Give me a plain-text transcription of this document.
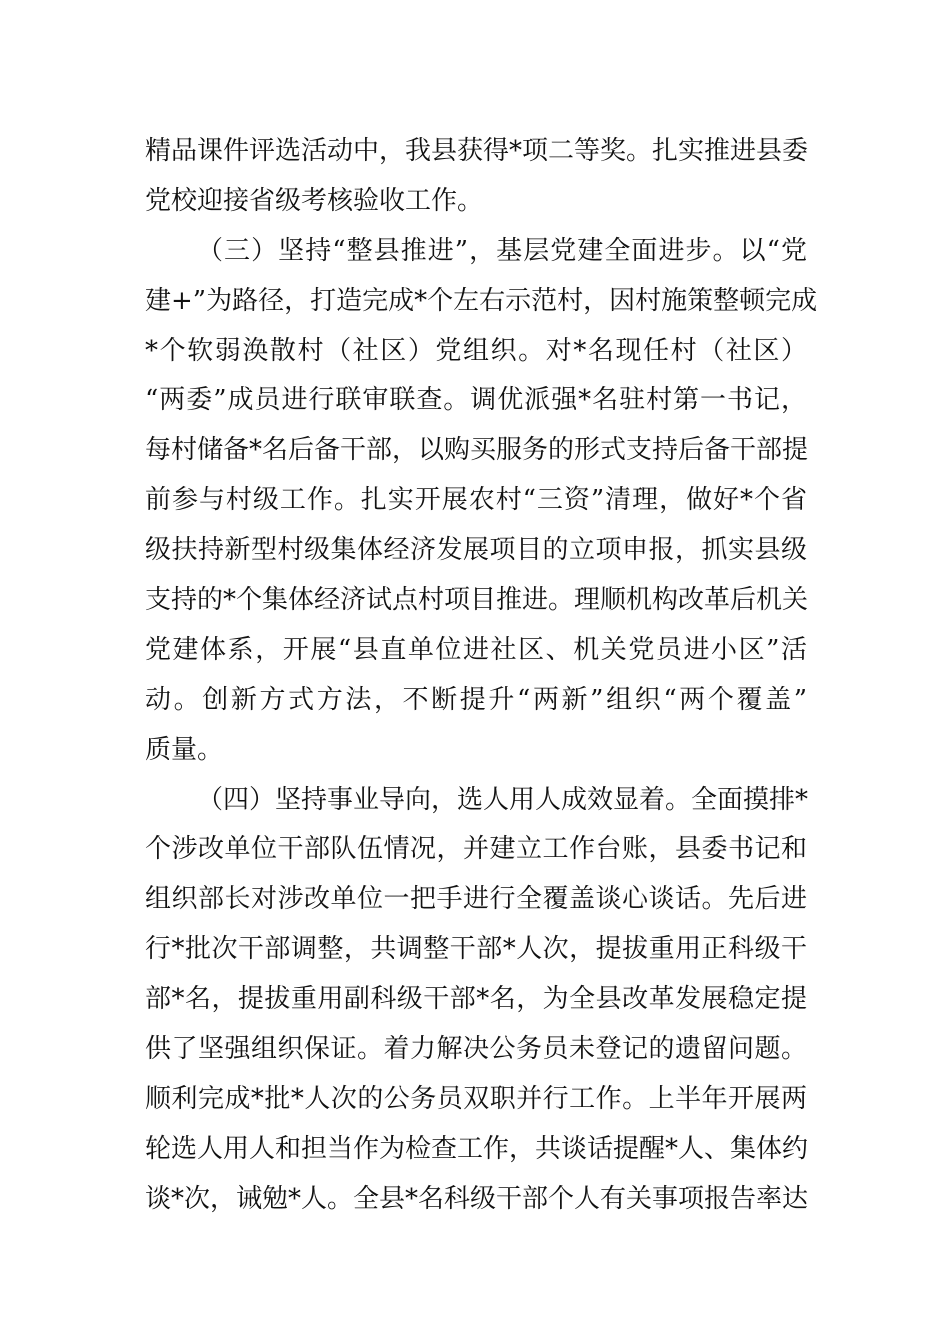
精品课件评选活动中，我县获得*项二等奖。扎实推进县委
党校迎接省级考核验收工作。
（三）坚持“整县推进”，基层党建全面进步。以“党
建+”为路径，打造完成*个左右示范村，因村施策整顿完成
*个软弱涣散村（社区）党组织。对*名现任村（社区）
“两委”成员进行联审联查。调优派强*名驻村第一书记，
每村储备*名后备干部，以购买服务的形式支持后备干部提
前参与村级工作。扎实开展农村“三资”清理，做好*个省
级扶持新型村级集体经济发展项目的立项申报，抓实县级
支持的*个集体经济试点村项目推进。理顺机构改革后机关
党建体系，开展“县直单位进社区、机关党员进小区”活
动。创新方式方法，不断提升“两新”组织“两个覆盖”
质量。
（四）坚持事业导向，选人用人成效显着。全面摸排*
个涉改单位干部队伍情况，并建立工作台账，县委书记和
组织部长对涉改单位一把手进行全覆盖谈心谈话。先后进
行*批次干部调整，共调整干部*人次，提拔重用正科级干
部*名，提拔重用副科级干部*名，为全县改革发展稳定提
供了坚强组织保证。着力解决公务员未登记的遗留问题。
顺利完成*批*人次的公务员双职并行工作。上半年开展两
轮选人用人和担当作为检查工作，共谈话提醒*人、集体约
谈*次，诫勉*人。全县*名科级干部个人有关事项报告率达
